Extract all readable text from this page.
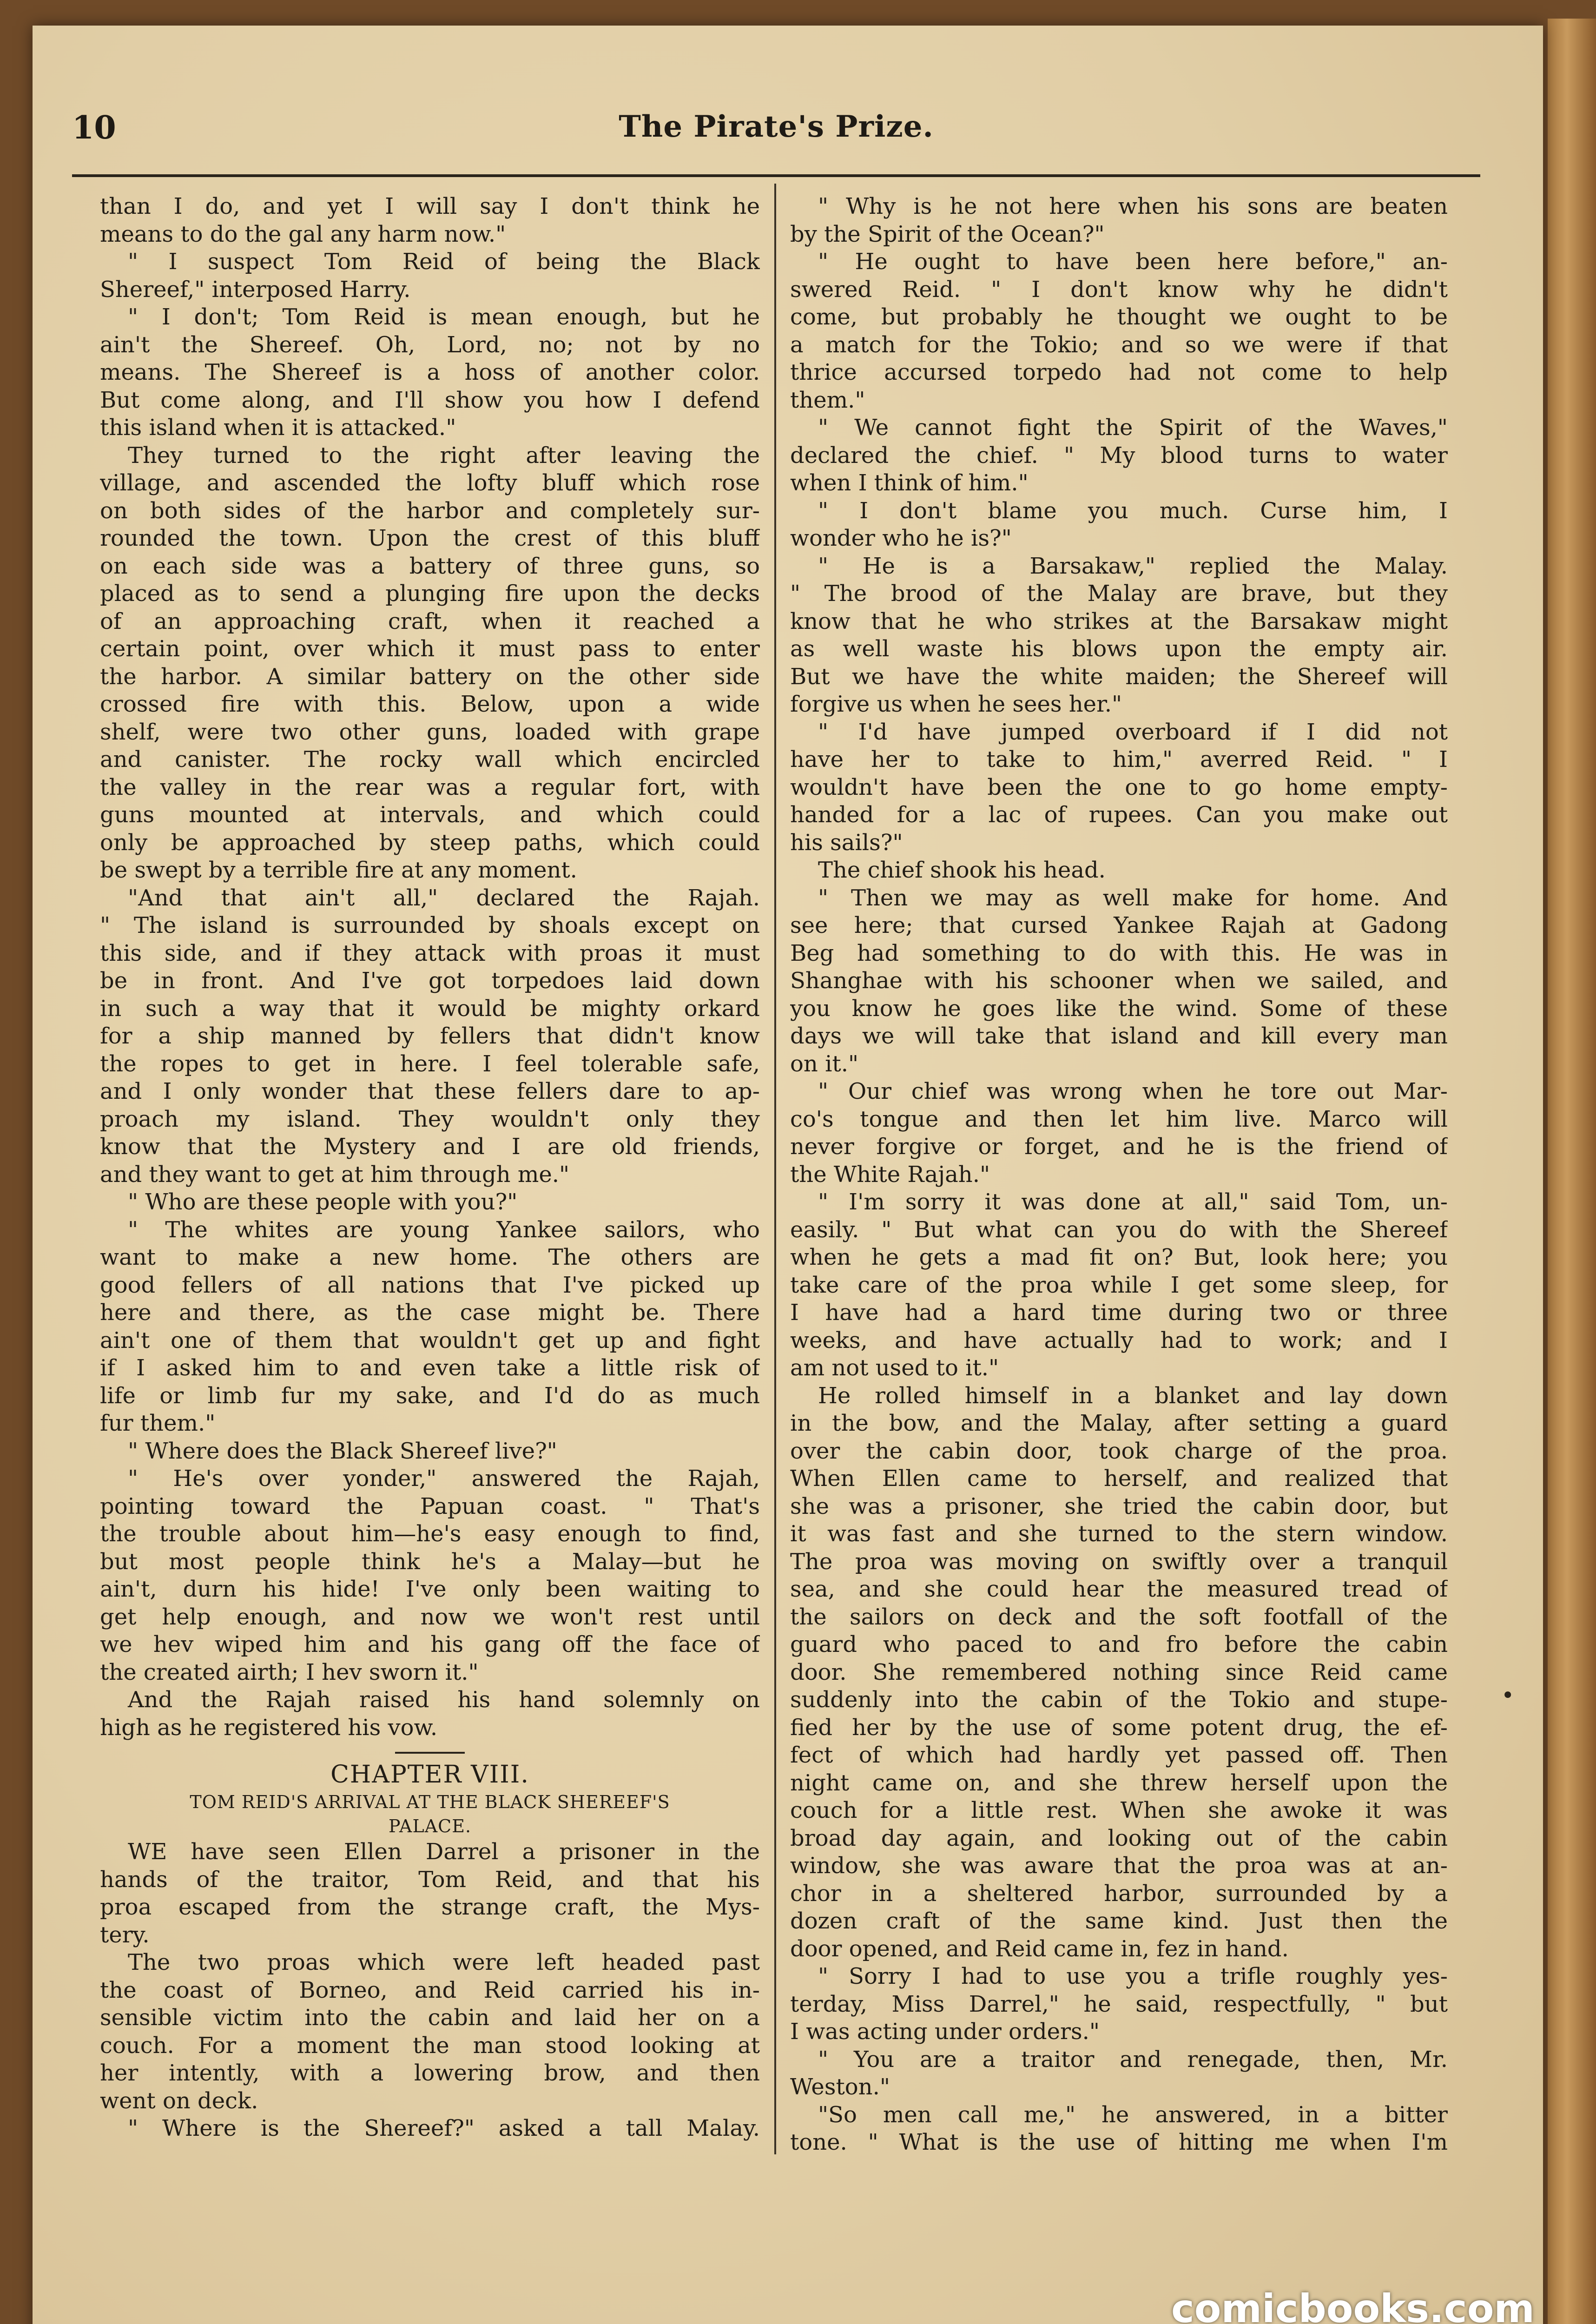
10	The Pirate's Prize.
than I do, and yet I will say I don't think he
means to do the gal any harm now."
" I suspect Tom Reid of being the Black
Shereef," interposed Harry.
" I don't; Tom Reid is mean enough, but he
ain't the Shereef. Oh, Lord, no; not by no
means. The Shereef is a hoss of another color.
But come along, and I'll show you how I defend
this island when it is attacked."
They turned to the right after leaving the
village, and ascended the lofty bluff which rose
on both sides of the harbor and completely sur-
rounded the town. Upon the crest of this bluff
on each side was a battery of three guns, so
placed as to send a plunging fire upon the decks
of an approaching craft, when it reached a
certain point, over which it must pass to enter
the harbor. A similar battery on the other side
crossed fire with this. Below, upon a wide
shelf, were two other guns, loaded with grape
and canister. The rocky wall which encircled
the valley in the rear was a regular fort, with
guns mounted at intervals, and which could
only be approached by steep paths, which could
be swept by a terrible fire at any moment.
"And that ain't all," declared the Rajah.
" The island is surrounded by shoals except on
this side, and if they attack with proas it must
be in front. And I've got torpedoes laid down
in such a way that it would be mighty orkard
for a ship manned by fellers that didn't know
the ropes to get in here. I feel tolerable safe,
and I only wonder that these fellers dare to ap-
proach my island. They wouldn't only they
know that the Mystery and I are old friends,
and they want to get at him through me."
" Who are these people with you?"
" The whites are young Yankee sailors, who
want to make a new home. The others are
good fellers of all nations that I've picked up
here and there, as the case might be. There
ain't one of them that wouldn't get up and fight
if I asked him to and even take a little risk of
life or limb fur my sake, and I'd do as much
fur them."
" Where does the Black Shereef live?"
" He's over yonder," answered the Rajah,
pointing toward the Papuan coast. " That's
the trouble about him—he's easy enough to find,
but most people think he's a Malay—but he
ain't, durn his hide! I've only been waiting to
get help enough, and now we won't rest until
we hev wiped him and his gang off the face of
the created airth; I hev sworn it."
And the Rajah raised his hand solemnly on
high as he registered his vow.
CHAPTER VIII.
TOM REID'S ARRIVAL AT THE BLACK SHEREEF'S
PALACE.
WE have seen Ellen Darrel a prisoner in the
hands of the traitor, Tom Reid, and that his
proa escaped from the strange craft, the Mys-
tery.
The two proas which were left headed past
the coast of Borneo, and Reid carried his in-
sensible victim into the cabin and laid her on a
couch. For a moment the man stood looking at
her intently, with a lowering brow, and then
went on deck.
" Where is the Shereef?" asked a tall Malay.
" Why is he not here when his sons are beaten
by the Spirit of the Ocean?"
" He ought to have been here before," an-
swered Reid. " I don't know why he didn't
come, but probably he thought we ought to be
a match for the Tokio; and so we were if that
thrice accursed torpedo had not come to help
them."
" We cannot fight the Spirit of the Waves,"
declared the chief. " My blood turns to water
when I think of him."
" I don't blame you much. Curse him, I
wonder who he is?"
" He is a Barsakaw," replied the Malay.
" The brood of the Malay are brave, but they
know that he who strikes at the Barsakaw might
as well waste his blows upon the empty air.
But we have the white maiden; the Shereef will
forgive us when he sees her."
" I'd have jumped overboard if I did not
have her to take to him," averred Reid. " I
wouldn't have been the one to go home empty-
handed for a lac of rupees. Can you make out
his sails?"
The chief shook his head.
" Then we may as well make for home. And
see here; that cursed Yankee Rajah at Gadong
Beg had something to do with this. He was in
Shanghae with his schooner when we sailed, and
you know he goes like the wind. Some of these
days we will take that island and kill every man
on it."
" Our chief was wrong when he tore out Mar-
co's tongue and then let him live. Marco will
never forgive or forget, and he is the friend of
the White Rajah."
" I'm sorry it was done at all," said Tom, un-
easily. " But what can you do with the Shereef
when he gets a mad fit on? But, look here; you
take care of the proa while I get some sleep, for
I have had a hard time during two or three
weeks, and have actually had to work; and I
am not used to it."
He rolled himself in a blanket and lay down
in the bow, and the Malay, after setting a guard
over the cabin door, took charge of the proa.
When Ellen came to herself, and realized that
she was a prisoner, she tried the cabin door, but
it was fast and she turned to the stern window.
The proa was moving on swiftly over a tranquil
sea, and she could hear the measured tread of
the sailors on deck and the soft footfall of the
guard who paced to and fro before the cabin
door. She remembered nothing since Reid came
suddenly into the cabin of the Tokio and stupe-
fied her by the use of some potent drug, the ef-
fect of which had hardly yet passed off. Then
night came on, and she threw herself upon the
couch for a little rest. When she awoke it was
broad day again, and looking out of the cabin
window, she was aware that the proa was at an-
chor in a sheltered harbor, surrounded by a
dozen craft of the same kind. Just then the
door opened, and Reid came in, fez in hand.
" Sorry I had to use you a trifle roughly yes-
terday, Miss Darrel," he said, respectfully, " but
I was acting under orders."
" You are a traitor and renegade, then, Mr.
Weston."
"So men call me," he answered, in a bitter
tone. " What is the use of hitting me when I'm
•
comicbooks.com
